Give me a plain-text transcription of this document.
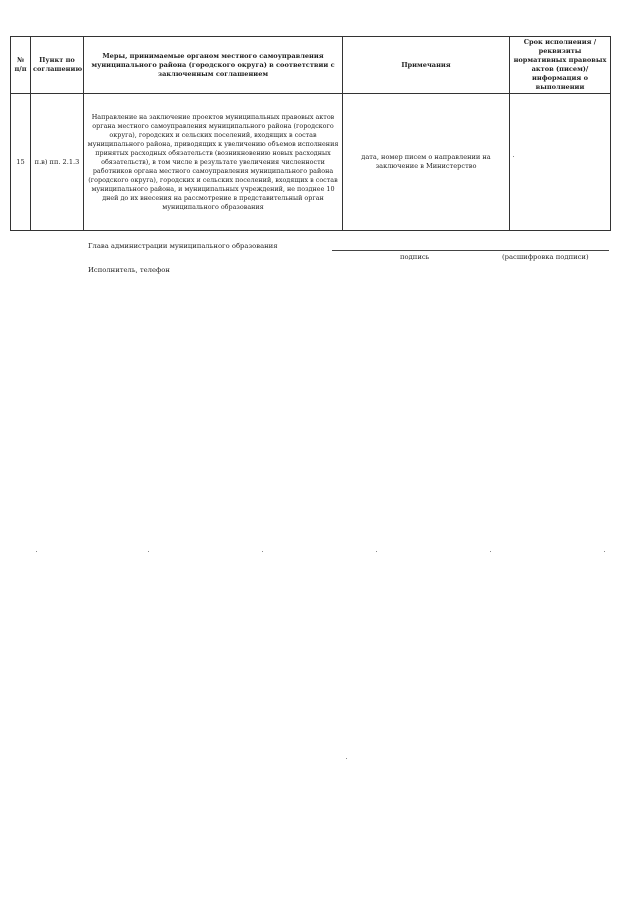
№ п/п	Пункт по соглашению	Меры, принимаемые органом местного самоуправления муниципального района (городского округа) в соответствии с заключенным соглашением	Примечания	Срок исполнения / реквизиты нормативных правовых актов (писем)/ информация о выполнении
15	п.в) пп. 2.1.3	Направление на заключение проектов муниципальных правовых актов органа местного самоуправления муниципального района (городского округа), городских и сельских поселений, входящих в состав муниципального района, приводящих к увеличению объемов исполнения принятых расходных обязательств (возникновению новых расходных обязательств), в том числе в результате увеличения численности работников органа местного самоуправления муниципального района (городского округа), городских и сельских поселений, входящих в состав муниципального района, и муниципальных учреждений, не позднее 10 дней до их внесения на рассмотрение в представительный орган муниципального образования	дата, номер писем о направлении на заключение в Министерство	
Глава администрации муниципального образования
подпись	(расшифровка подписи)
Исполнитель, телефон
